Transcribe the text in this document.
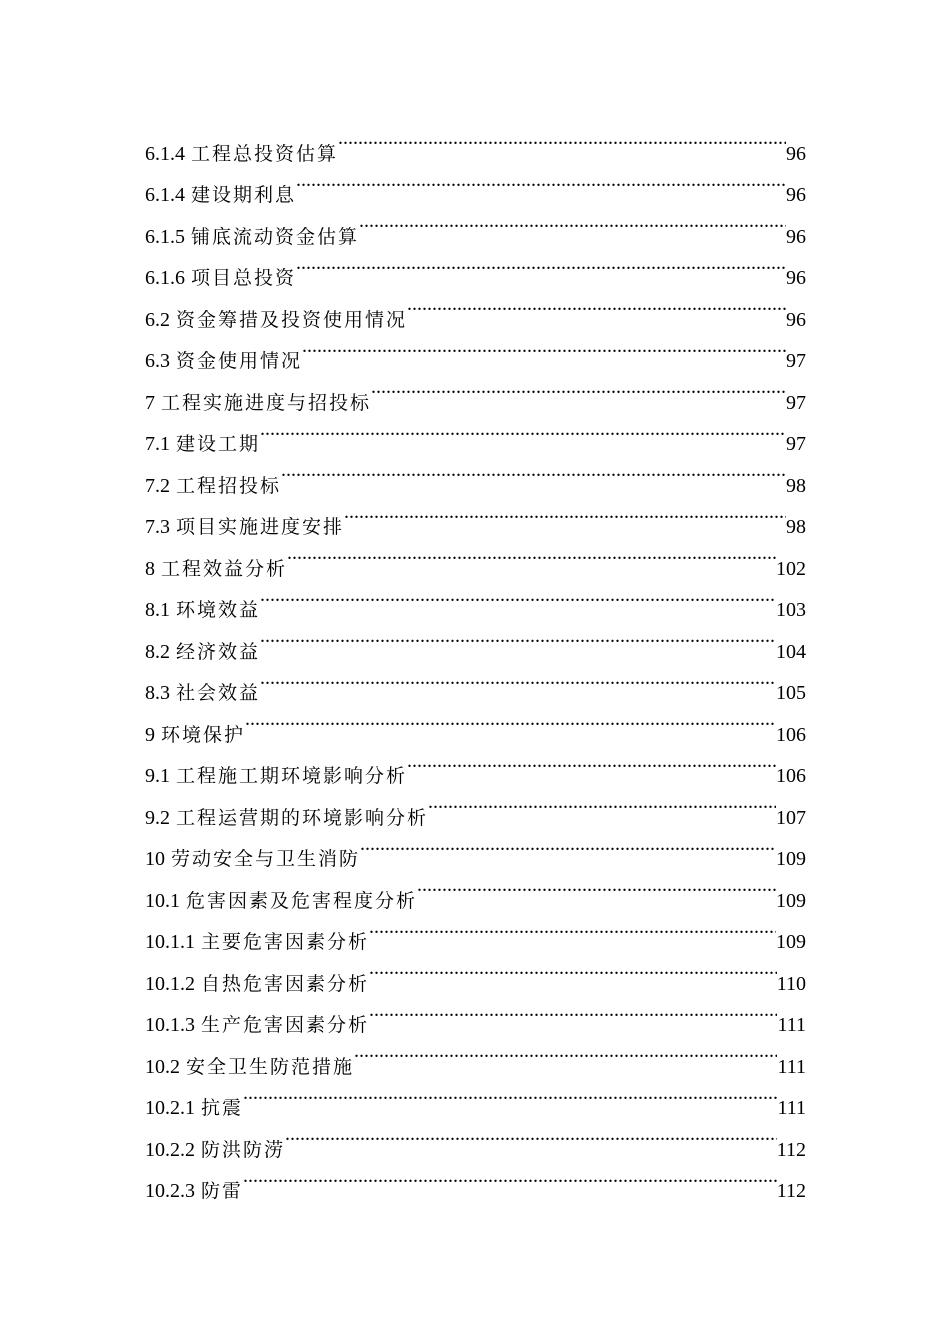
6.1.4 工程总投资估算 .....	96
6.1.4 建设期利息 .....	96
6.1.5 铺底流动资金估算 .....	96
6.1.6 项目总投资 .....	96
6.2 资金筹措及投资使用情况 .....	96
6.3 资金使用情况 .....	97
7 工程实施进度与招投标 .....	97
7.1 建设工期 .....	97
7.2 工程招投标 .....	98
7.3 项目实施进度安排 .....	98
8 工程效益分析 .....	102
8.1 环境效益 .....	103
8.2 经济效益 .....	104
8.3 社会效益 .....	105
9 环境保护 .....	106
9.1 工程施工期环境影响分析 .....	106
9.2 工程运营期的环境影响分析 .....	107
10 劳动安全与卫生消防 .....	109
10.1 危害因素及危害程度分析 .....	109
10.1.1 主要危害因素分析 .....	109
10.1.2 自热危害因素分析 .....	110
10.1.3 生产危害因素分析 .....	111
10.2 安全卫生防范措施 .....	111
10.2.1 抗震 .....	111
10.2.2 防洪防涝 .....	112
10.2.3 防雷 .....	112
